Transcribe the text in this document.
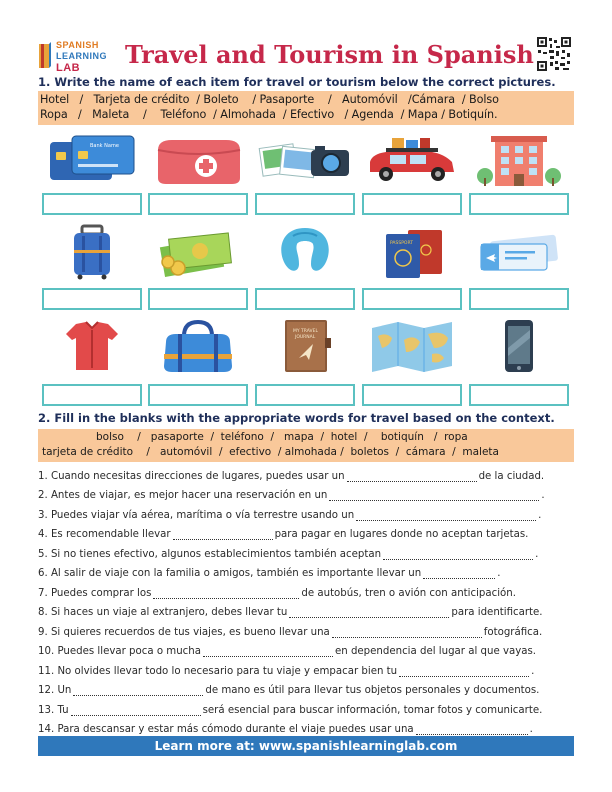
SPANISH
LEARNING
LAB Travel and Tourism in Spanish
1. Write the name of each item for travel or tourism below the correct pictures.
Hotel   /   Tarjeta de crédito  / Boleto    / Pasaporte    /   Automóvil   /Cámara  / Bolso
Ropa   /   Maleta    /    Teléfono  / Almohada  / Efectivo   / Agenda  / Mapa / Botiquín.
Bank Name
PASSPORT
MY TRAVEL
JOURNAL
2. Fill in the blanks with the appropriate words for travel based on the context.
bolso    /   pasaporte  /  teléfono  /   mapa  /  hotel  /    botiquín   /  ropa
tarjeta de crédito    /   automóvil  /  efectivo  / almohada /  boletos  /  cámara  /  maleta
1. Cuando necesitas direcciones de lugares, puedes usar un	de la ciudad.
2. Antes de viajar, es mejor hacer una reservación en un	.
3. Puedes viajar vía aérea, marítima o vía terrestre usando un	.
4. Es recomendable llevar	para pagar en lugares donde no aceptan tarjetas.
5. Si no tienes efectivo, algunos establecimientos también aceptan	.
6. Al salir de viaje con la familia o amigos, también es importante llevar un	.
7. Puedes comprar los	de autobús, tren o avión con anticipación.
8. Si haces un viaje al extranjero, debes llevar tu	para identificarte.
9. Si quieres recuerdos de tus viajes, es bueno llevar una	fotográfica.
10. Puedes llevar poca o mucha	en dependencia del lugar al que vayas.
11. No olvides llevar todo lo necesario para tu viaje y empacar bien tu	.
12. Un	de mano es útil para llevar tus objetos personales y documentos.
13. Tu	será esencial para buscar información, tomar fotos y comunicarte.
14. Para descansar y estar más cómodo durante el viaje puedes usar una	.
Learn more at: www.spanishlearninglab.com
